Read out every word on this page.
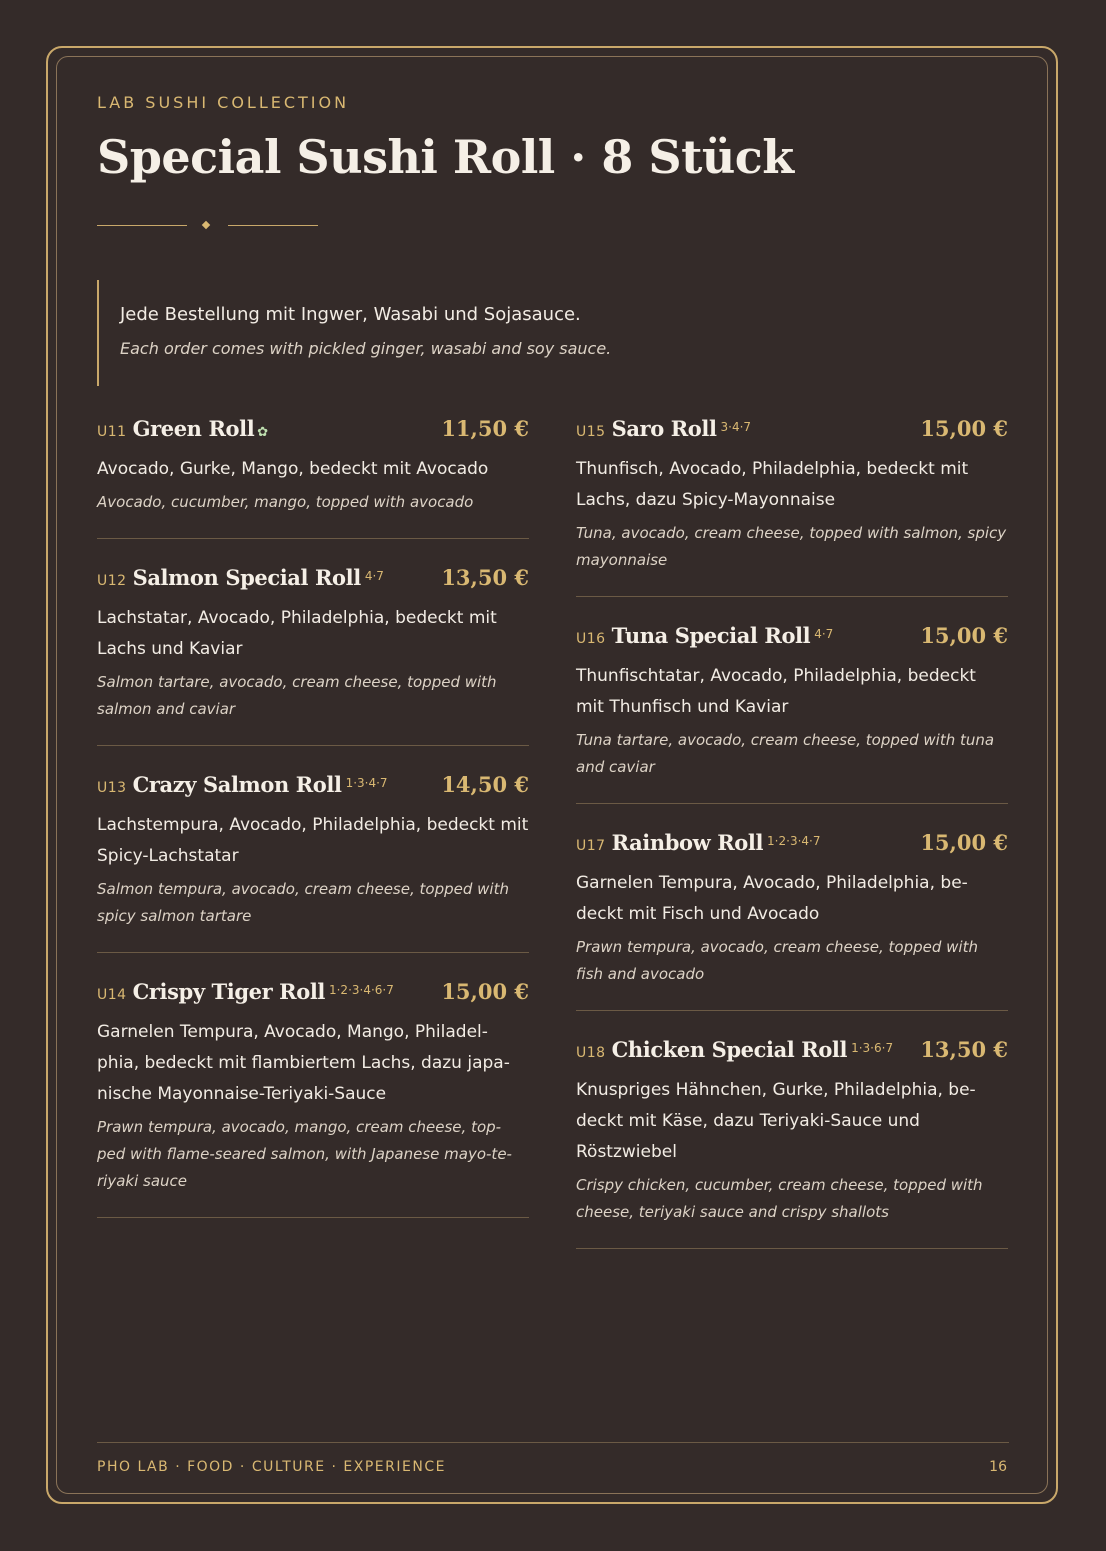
LAB SUSHI COLLECTION
Special Sushi Roll · 8 Stück
Jede Bestellung mit Ingwer, Wasabi und Sojasauce.
Each order comes with pickled ginger, wasabi and soy sauce.
U11 Green Roll ✿	11,50 €
Avocado, Gurke, Mango, bedeckt mit Avocado
Avocado, cucumber, mango, topped with avocado
U12 Salmon Special Roll 4·7	13,50 €
Lachstatar, Avocado, Philadelphia, bedeckt mit Lachs und Kaviar
Salmon tartare, avocado, cream cheese, topped with salmon and caviar
U13 Crazy Salmon Roll 1·3·4·7	14,50 €
Lachstempura, Avocado, Philadelphia, bedeckt mit Spicy-Lachstatar
Salmon tempura, avocado, cream cheese, topped with spicy salmon tartare
U14 Crispy Tiger Roll 1·2·3·4·6·7 15,00 €
Garnelen Tempura, Avocado, Mango, Philadel-phia, bedeckt mit flambiertem Lachs, dazu japa-nische Mayonnaise-Teriyaki-Sauce
Prawn tempura, avocado, mango, cream cheese, top-ped with flame-seared salmon, with Japanese mayo-te-riyaki sauce
U15 Saro Roll 3·4·7	15,00 €
Thunfisch, Avocado, Philadelphia, bedeckt mit Lachs, dazu Spicy-Mayonnaise
Tuna, avocado, cream cheese, topped with salmon, spicy mayonnaise
U16 Tuna Special Roll 4·7	15,00 €
Thunfischtatar, Avocado, Philadelphia, bedeckt mit Thunfisch und Kaviar
Tuna tartare, avocado, cream cheese, topped with tuna and caviar
U17 Rainbow Roll 1·2·3·4·7	15,00 €
Garnelen Tempura, Avocado, Philadelphia, be-deckt mit Fisch und Avocado
Prawn tempura, avocado, cream cheese, topped with fish and avocado
U18 Chicken Special Roll 1·3·6·7 13,50 €
Knuspriges Hähnchen, Gurke, Philadelphia, be-deckt mit Käse, dazu Teriyaki-Sauce und Röstzwiebel
Crispy chicken, cucumber, cream cheese, topped with cheese, teriyaki sauce and crispy shallots
PHO LAB · FOOD · CULTURE · EXPERIENCE	16
